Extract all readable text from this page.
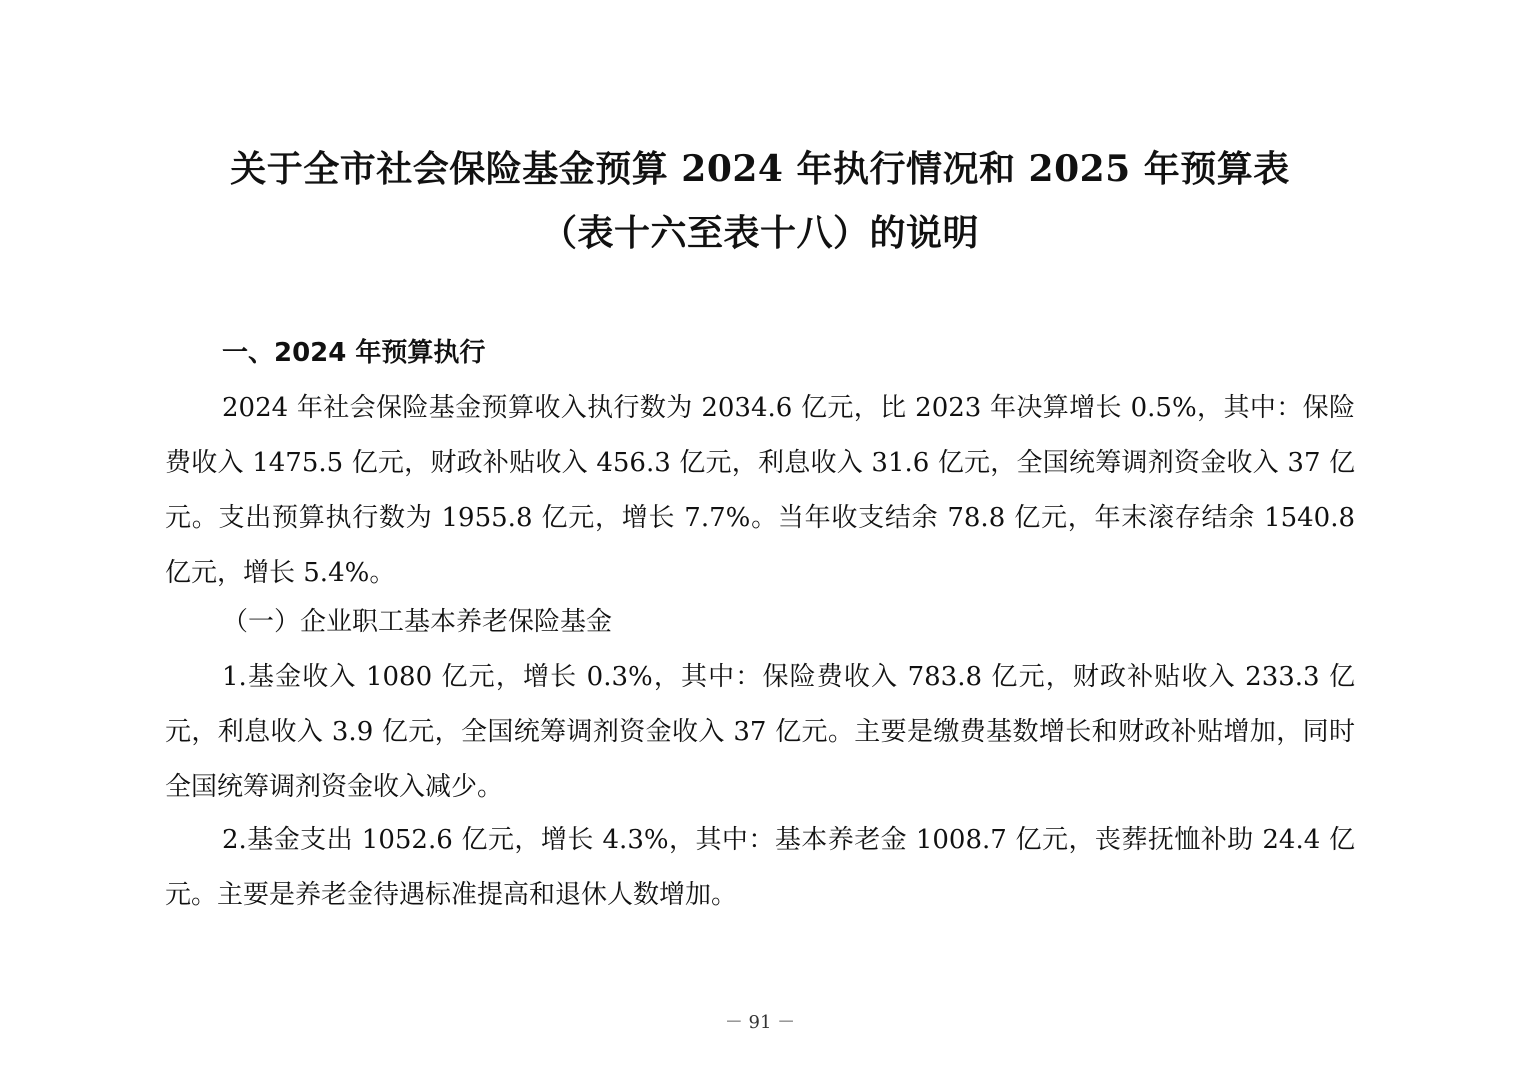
关于全市社会保险基金预算 2024 年执行情况和 2025 年预算表
（表十六至表十八）的说明
一、2024 年预算执行

2024 年社会保险基金预算收入执行数为 2034.6 亿元，比 2023 年决算增长 0.5%，其中：保险费收入 1475.5 亿元，财政补贴收入 456.3 亿元，利息收入 31.6 亿元，全国统筹调剂资金收入 37 亿元。支出预算执行数为 1955.8 亿元，增长 7.7%。当年收支结余 78.8 亿元，年末滚存结余 1540.8 亿元，增长 5.4%。

（一）企业职工基本养老保险基金

1.基金收入 1080 亿元，增长 0.3%，其中：保险费收入 783.8 亿元，财政补贴收入 233.3 亿元，利息收入 3.9 亿元，全国统筹调剂资金收入 37 亿元。主要是缴费基数增长和财政补贴增加，同时全国统筹调剂资金收入减少。

2.基金支出 1052.6 亿元，增长 4.3%，其中：基本养老金 1008.7 亿元，丧葬抚恤补助 24.4 亿元。主要是养老金待遇标准提高和退休人数增加。

－ 91 －
